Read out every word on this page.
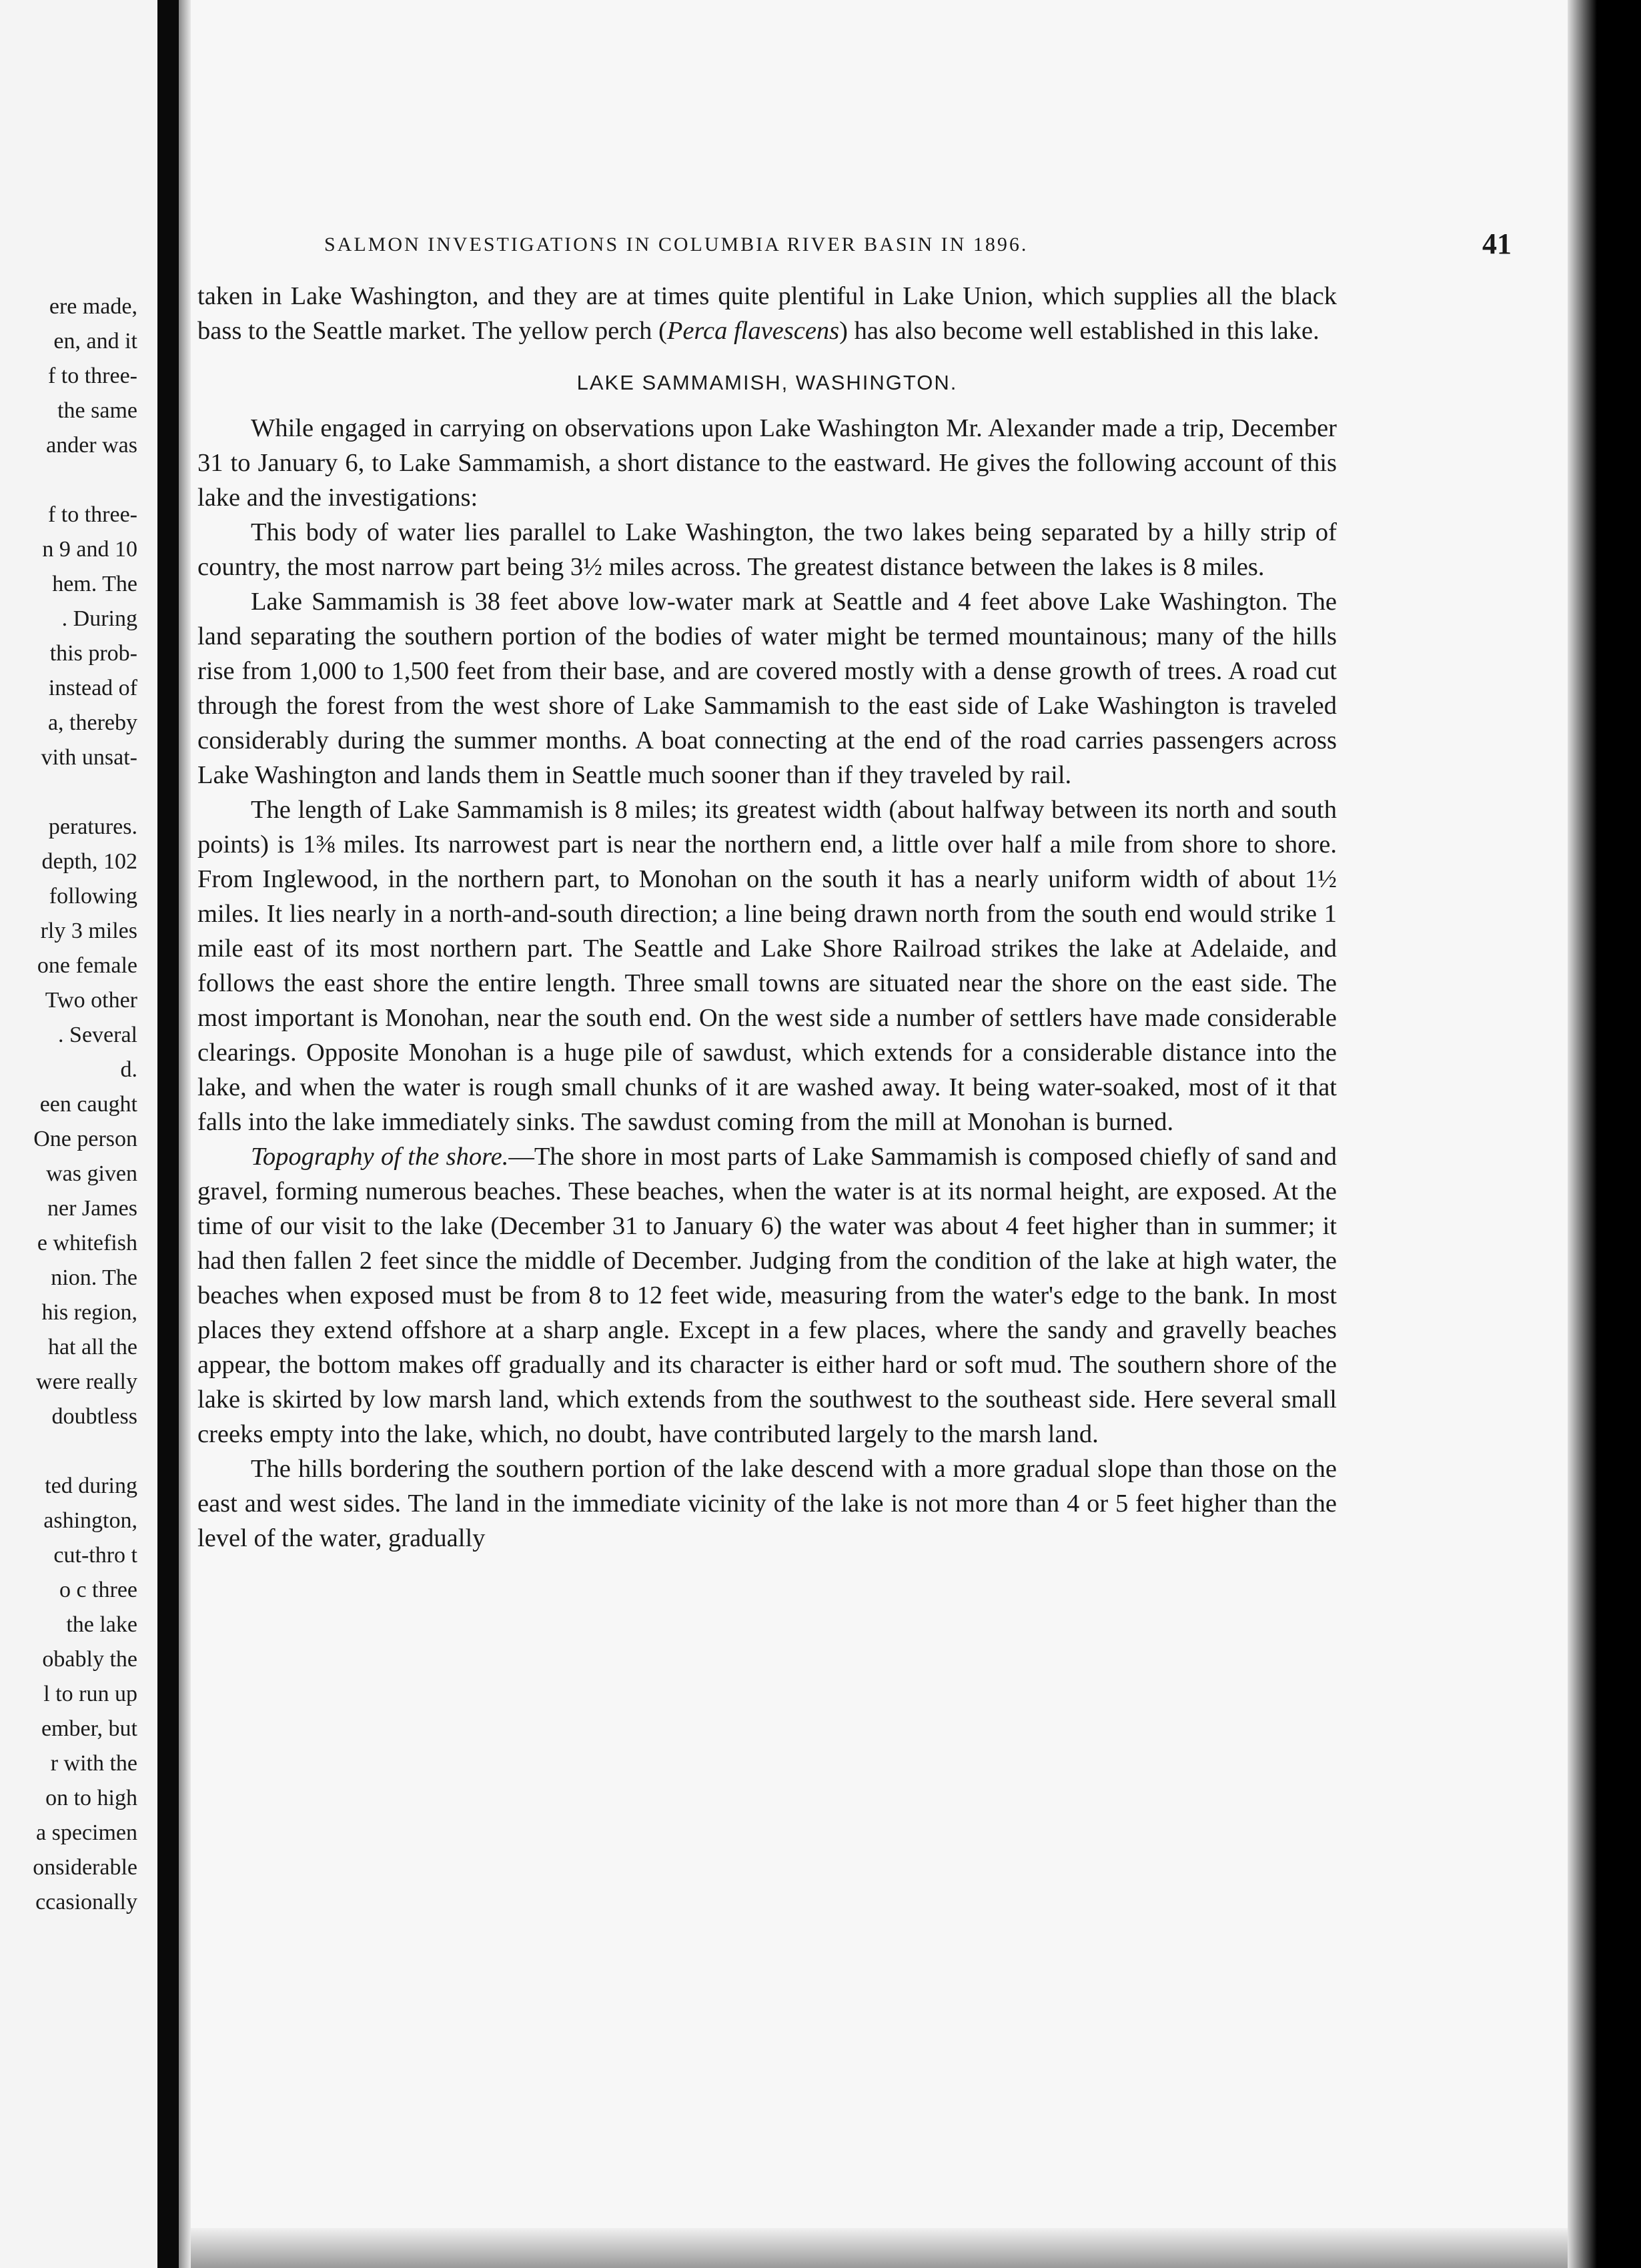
ere made,
en, and it
f to three-
the same
ander was
f to three-
n 9 and 10
hem. The
. During
this prob-
instead of
a, thereby
vith unsat-
peratures.
depth, 102
following
rly 3 miles
one female
Two other
. Several
d.
een caught
One person
was given
ner James
e whitefish
nion. The
his region,
hat all the
were really
doubtless
ted during
ashington,
cut-thro t
o c three
the lake
obably the
l to run up
ember, but
r with the
on to high
a specimen
onsiderable
ccasionally
SALMON INVESTIGATIONS IN COLUMBIA RIVER BASIN IN 1896.	41

taken in Lake Washington, and they are at times quite plentiful in Lake Union, which supplies all the black bass to the Seattle market. The yellow perch (Perca flavescens) has also become well established in this lake.

LAKE SAMMAMISH, WASHINGTON.

While engaged in carrying on observations upon Lake Washington Mr. Alexander made a trip, December 31 to January 6, to Lake Sammamish, a short distance to the eastward. He gives the following account of this lake and the investigations:

This body of water lies parallel to Lake Washington, the two lakes being separated by a hilly strip of country, the most narrow part being 3½ miles across. The greatest distance between the lakes is 8 miles.

Lake Sammamish is 38 feet above low-water mark at Seattle and 4 feet above Lake Washington. The land separating the southern portion of the bodies of water might be termed mountainous; many of the hills rise from 1,000 to 1,500 feet from their base, and are covered mostly with a dense growth of trees. A road cut through the forest from the west shore of Lake Sammamish to the east side of Lake Washington is traveled considerably during the summer months. A boat connecting at the end of the road carries passengers across Lake Washington and lands them in Seattle much sooner than if they traveled by rail.

The length of Lake Sammamish is 8 miles; its greatest width (about halfway between its north and south points) is 1⅜ miles. Its narrowest part is near the northern end, a little over half a mile from shore to shore. From Inglewood, in the northern part, to Monohan on the south it has a nearly uniform width of about 1½ miles. It lies nearly in a north-and-south direction; a line being drawn north from the south end would strike 1 mile east of its most northern part. The Seattle and Lake Shore Railroad strikes the lake at Adelaide, and follows the east shore the entire length. Three small towns are situated near the shore on the east side. The most important is Monohan, near the south end. On the west side a number of settlers have made considerable clearings. Opposite Monohan is a huge pile of sawdust, which extends for a considerable distance into the lake, and when the water is rough small chunks of it are washed away. It being water-soaked, most of it that falls into the lake immediately sinks. The sawdust coming from the mill at Monohan is burned.

Topography of the shore.—The shore in most parts of Lake Sammamish is composed chiefly of sand and gravel, forming numerous beaches. These beaches, when the water is at its normal height, are exposed. At the time of our visit to the lake (December 31 to January 6) the water was about 4 feet higher than in summer; it had then fallen 2 feet since the middle of December. Judging from the condition of the lake at high water, the beaches when exposed must be from 8 to 12 feet wide, measuring from the water's edge to the bank. In most places they extend offshore at a sharp angle. Except in a few places, where the sandy and gravelly beaches appear, the bottom makes off gradually and its character is either hard or soft mud. The southern shore of the lake is skirted by low marsh land, which extends from the southwest to the southeast side. Here several small creeks empty into the lake, which, no doubt, have contributed largely to the marsh land.

The hills bordering the southern portion of the lake descend with a more gradual slope than those on the east and west sides. The land in the immediate vicinity of the lake is not more than 4 or 5 feet higher than the level of the water, gradually
